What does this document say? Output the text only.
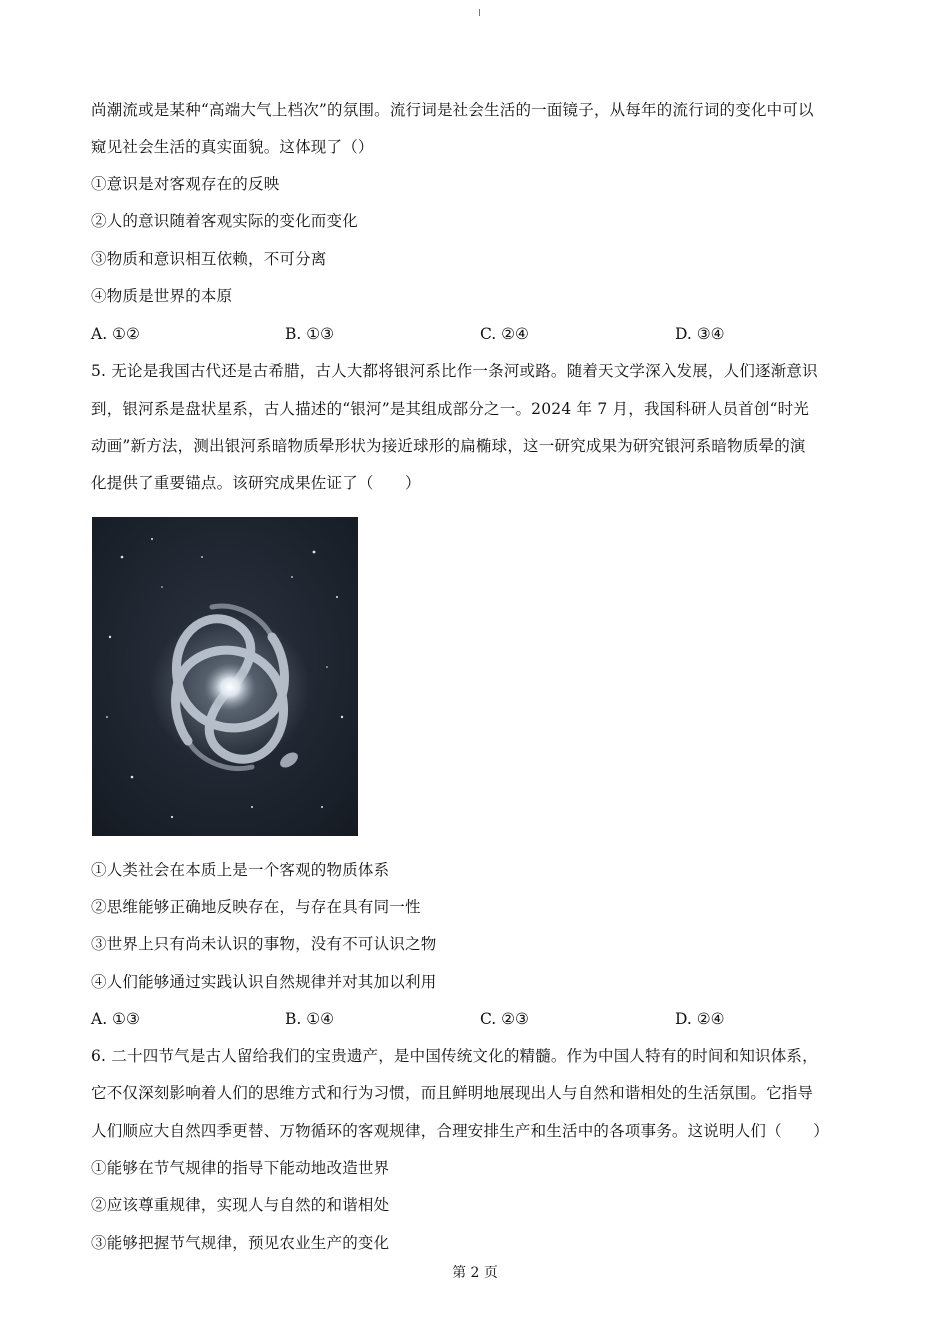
尚潮流或是某种“高端大气上档次”的氛围。流行词是社会生活的一面镜子，从每年的流行词的变化中可以
窥见社会生活的真实面貌。这体现了（）
①意识是对客观存在的反映
②人的意识随着客观实际的变化而变化
③物质和意识相互依赖，不可分离
④物质是世界的本原
A. ①②	B. ①③	C. ②④	D. ③④
5. 无论是我国古代还是古希腊，古人大都将银河系比作一条河或路。随着天文学深入发展，人们逐渐意识
到，银河系是盘状星系，古人描述的“银河”是其组成部分之一。2024 年 7 月，我国科研人员首创“时光
动画”新方法，测出银河系暗物质晕形状为接近球形的扁椭球，这一研究成果为研究银河系暗物质晕的演
化提供了重要锚点。该研究成果佐证了（　　）
①人类社会在本质上是一个客观的物质体系
②思维能够正确地反映存在，与存在具有同一性
③世界上只有尚未认识的事物，没有不可认识之物
④人们能够通过实践认识自然规律并对其加以利用
A. ①③	B. ①④	C. ②③	D. ②④
6. 二十四节气是古人留给我们的宝贵遗产，是中国传统文化的精髓。作为中国人特有的时间和知识体系，
它不仅深刻影响着人们的思维方式和行为习惯，而且鲜明地展现出人与自然和谐相处的生活氛围。它指导
人们顺应大自然四季更替、万物循环的客观规律，合理安排生产和生活中的各项事务。这说明人们（　　）
①能够在节气规律的指导下能动地改造世界
②应该尊重规律，实现人与自然的和谐相处
③能够把握节气规律，预见农业生产的变化
第 2 页
